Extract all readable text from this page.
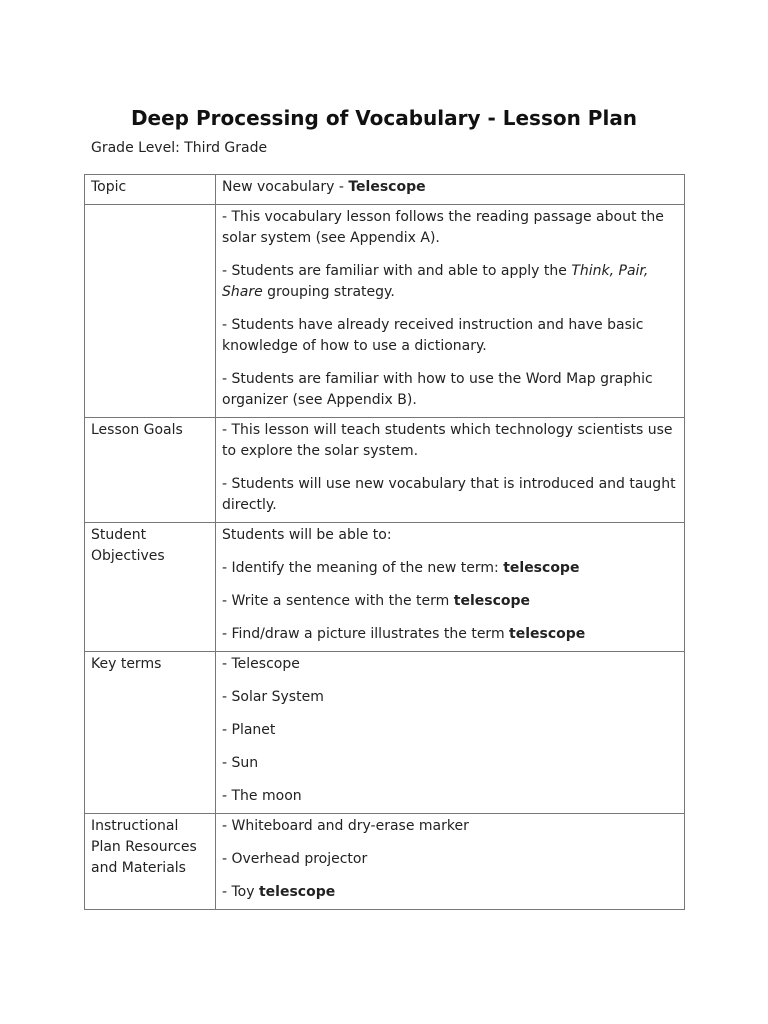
Deep Processing of Vocabulary - Lesson Plan
Grade Level: Third Grade
Topic	New vocabulary - Telescope

	- This vocabulary lesson follows the reading passage about the solar system (see Appendix A).

- Students are familiar with and able to apply the Think, Pair, Share grouping strategy.

- Students have already received instruction and have basic knowledge of how to use a dictionary.

- Students are familiar with how to use the Word Map graphic organizer (see Appendix B).

Lesson Goals	- This lesson will teach students which technology scientists use to explore the solar system.

- Students will use new vocabulary that is introduced and taught directly.

Student Objectives	Students will be able to:

- Identify the meaning of the new term: telescope

- Write a sentence with the term telescope

- Find/draw a picture illustrates the term telescope

Key terms	- Telescope

- Solar System

- Planet

- Sun

- The moon

Instructional Plan Resources and Materials	- Whiteboard and dry-erase marker

- Overhead projector

- Toy telescope
